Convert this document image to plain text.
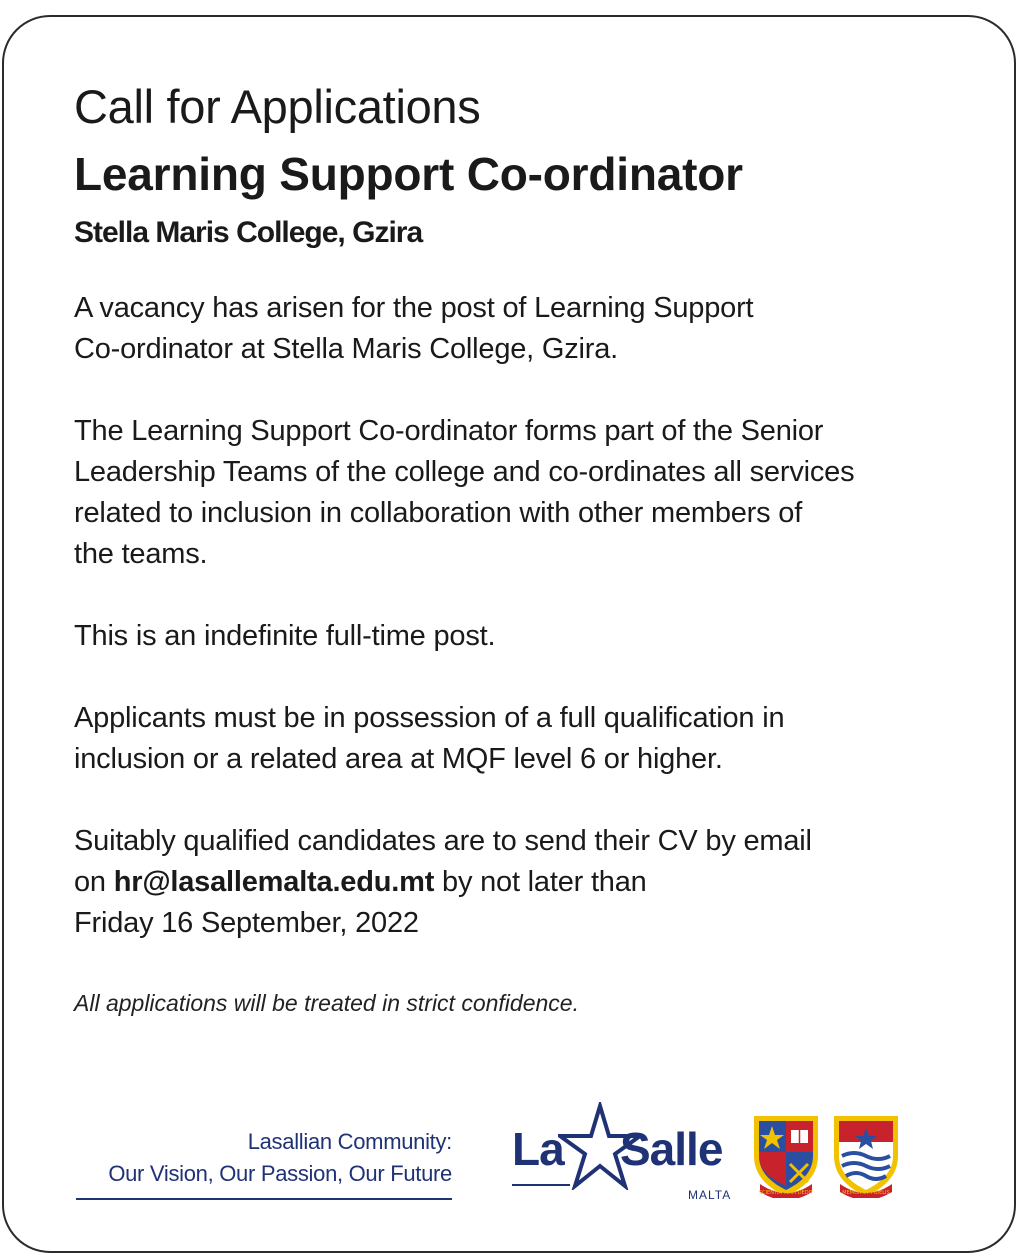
Call for Applications
Learning Support Co-ordinator
Stella Maris College, Gzira
A vacancy has arisen for the post of Learning Support
Co-ordinator at Stella Maris College, Gzira.
The Learning Support Co-ordinator forms part of the Senior
Leadership Teams of the college and co-ordinates all services
related to inclusion in collaboration with other members of
the teams.
This is an indefinite full-time post.
Applicants must be in possession of a full qualification in
inclusion or a related area at MQF level 6 or higher.
Suitably qualified candidates are to send their CV by email
on hr@lasallemalta.edu.mt by not later than
Friday 16 September, 2022
All applications will be treated in strict confidence.
Lasallian Community:
Our Vision, Our Passion, Our Future La Salle
MALTA	SCIENTIA VIAM DEDIT	MEMOR ET FIDELIS
